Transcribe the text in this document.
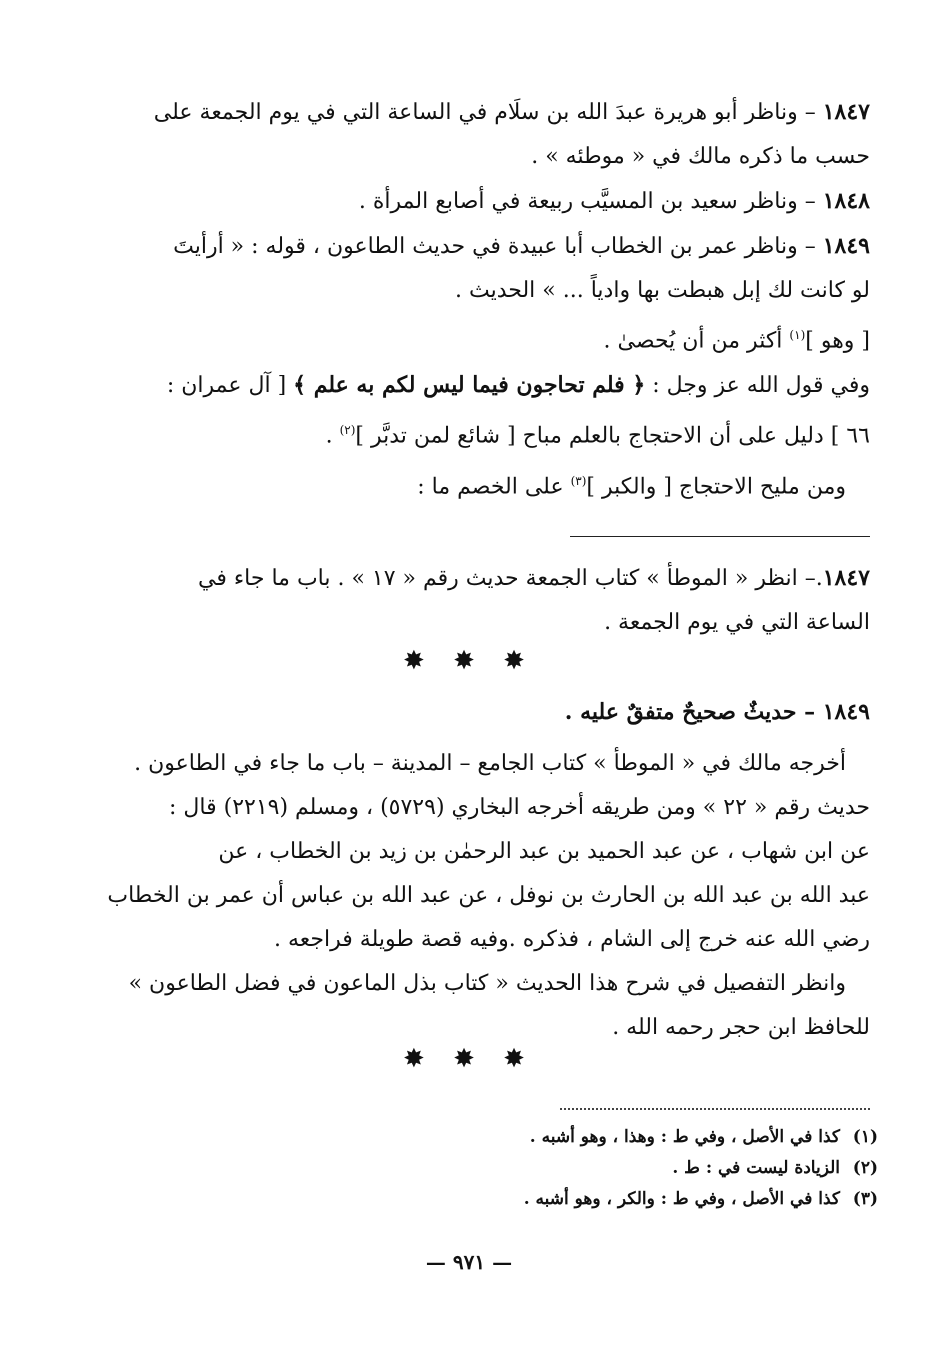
١٨٤٧ – وناظر أبو هريرة عبدَ الله بن سلَام في الساعة التي في يوم الجمعة على
حسب ما ذكره مالك في « موطئه » .
١٨٤٨ – وناظر سعيد بن المسيَّب ربيعة في أصابع المرأة .
١٨٤٩ – وناظر عمر بن الخطاب أبا عبيدة في حديث الطاعون ، قوله : « أرأيتَ
لو كانت لك إبل هبطت بها وادياً ... » الحديث .
[ وهو ]$^{(١)}$ أكثر من أن يُحصىٰ .
وفي قول الله عز وجل : ﴿ فلم تحاجون فيما ليس لكم به علم ﴾ [ آل عمران :
٦٦ ] دليل على أن الاحتجاج بالعلم مباح [ شائع لمن تدبَّر ]$^{(٢)}$ .
ومن مليح الاحتجاج [ والكبر ]$^{(٣)}$ على الخصم ما :
١٨٤٧.– انظر « الموطأ » كتاب الجمعة حديث رقم « ١٧ » . باب ما جاء في
الساعة التي في يوم الجمعة .
✸ ✸ ✸
١٨٤٩ – حديثٌ صحيحٌ متفقٌ عليه .
أخرجه مالك في « الموطأ » كتاب الجامع – المدينة – باب ما جاء في الطاعون .
حديث رقم « ٢٢ » ومن طريقه أخرجه البخاري (٥٧٢٩) ، ومسلم (٢٢١٩) قال :
عن ابن شهاب ، عن عبد الحميد بن عبد الرحمٰن بن زيد بن الخطاب ، عن
عبد الله بن عبد الله بن الحارث بن نوفل ، عن عبد الله بن عباس أن عمر بن الخطاب
رضي الله عنه خرج إلى الشام ، فذكره .وفيه قصة طويلة فراجعه .
وانظر التفصيل في شرح هذا الحديث « كتاب بذل الماعون في فضل الطاعون »
للحافظ ابن حجر رحمه الله .
✸ ✸ ✸
(١)
كذا في الأصل ، وفي ط : وهذا ، وهو أشبه .
(٢)
الزيادة ليست في : ط .
(٣)
كذا في الأصل ، وفي ط : والكر ، وهو أشبه .
— ٩٧١ —
